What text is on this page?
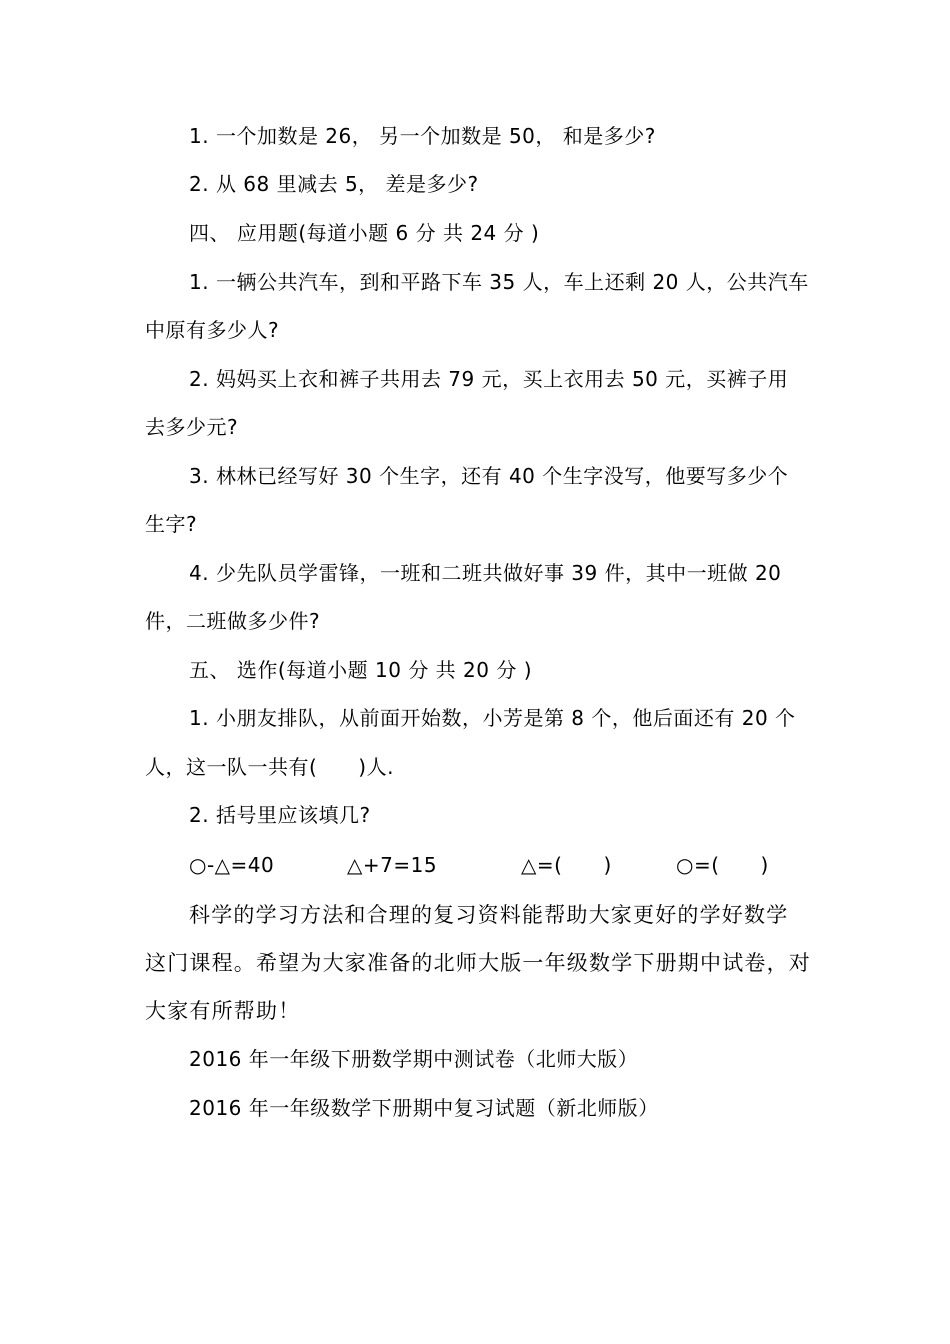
1. 一个加数是 26， 另一个加数是 50， 和是多少?
2. 从 68 里减去 5， 差是多少?
四、 应用题(每道小题 6 分 共 24 分 )
1. 一辆公共汽车，到和平路下车 35 人，车上还剩 20 人，公共汽车
中原有多少人?
2. 妈妈买上衣和裤子共用去 79 元，买上衣用去 50 元，买裤子用
去多少元?
3. 林林已经写好 30 个生字，还有 40 个生字没写，他要写多少个
生字?
4. 少先队员学雷锋，一班和二班共做好事 39 件，其中一班做 20
件，二班做多少件?
五、 选作(每道小题 10 分 共 20 分 )
1. 小朋友排队，从前面开始数，小芳是第 8 个，他后面还有 20 个
人，这一队一共有(　　)人.
2. 括号里应该填几?
○-△=40	△+7=15	△=(　　)	○=(　　)
科学的学习方法和合理的复习资料能帮助大家更好的学好数学
这门课程。希望为大家准备的北师大版一年级数学下册期中试卷，对
大家有所帮助！
2016 年一年级下册数学期中测试卷（北师大版）
2016 年一年级数学下册期中复习试题（新北师版）
